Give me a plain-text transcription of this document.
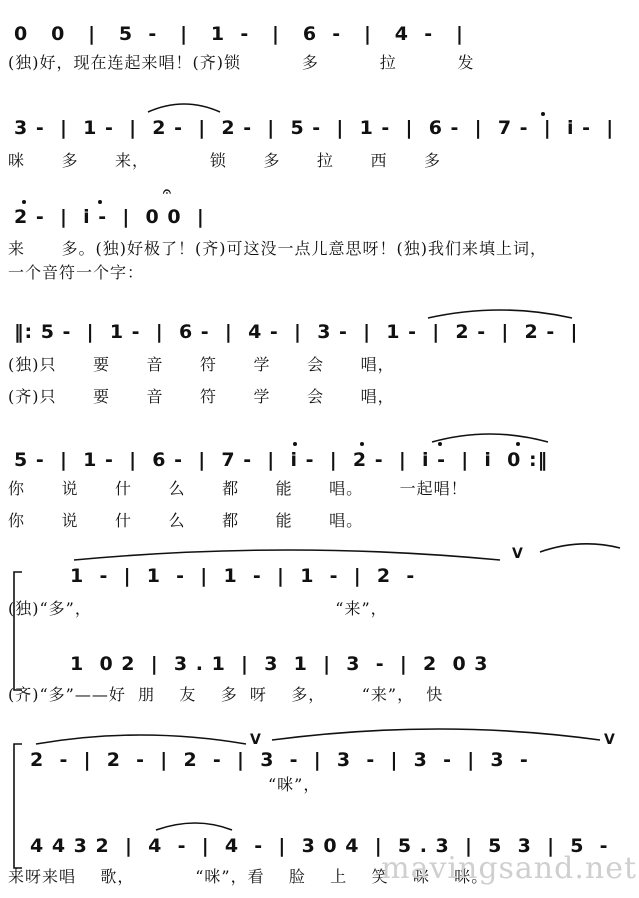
0   0   |   5  -   |   1  -   |   6  -   |   4  -   |
(独)好，现在连起来唱！(齐)锁          多          拉          发
3 -  |  1 -  |  2 -  |  2 -  |  5 -  |  1 -  |  6 -  |  7 -  |  i -  |
咪      多      来，          锁      多      拉      西      多
2 -  |  i -  |  0 0  |
𝄐
来      多。(独)好极了！(齐)可这没一点儿意思呀！(独)我们来填上词，
一个音符一个字：
‖: 5 -  |  1 -  |  6 -  |  4 -  |  3 -  |  1 -  |  2 -  |  2 -  |
(独)只      要      音      符      学      会      唱，
(齐)只      要      音      符      学      会      唱，
5 -  |  1 -  |  6 -  |  7 -  |  i -  |  2 -  |  i -  |  i  0 :‖
你      说      什      么      都      能      唱。      一起唱！
你      说      什      么      都      能      唱。
1  -  |  1  -  |  1  -  |  1  -  |  2  -
V
(独)“多”，                                        “来”，
1  0 2  |  3 . 1  |  3  1  |  3  -  |  2  0 3
(齐)“多”——好  朋    友    多  呀    多，      “来”，  快
2  -  |  2  -  |  2  -  |  3  -  |  3  -  |  3  -  |  3  -
V	V
“咪”，
4 4 3 2  |  4  -  |  4  -  |  3 0 4  |  5 . 3  |  5  3  |  5  -
来呀来唱    歌，          “咪”，看    脸    上    笑    咪    咪。
mavingsand.net
